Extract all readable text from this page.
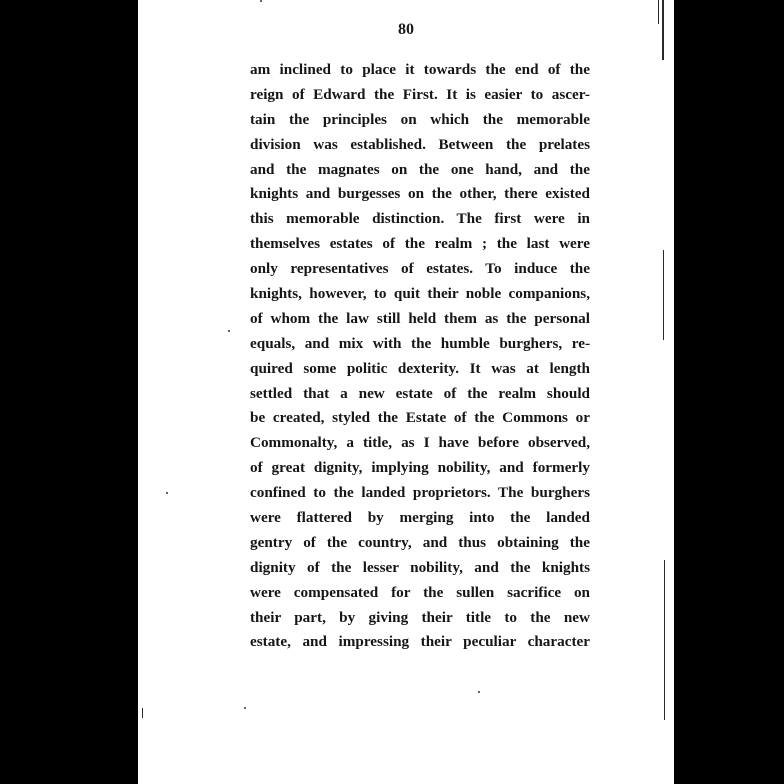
80
am inclined to place it towards the end of the
reign of Edward the First. It is easier to ascer-
tain the principles on which the memorable
division was established. Between the prelates
and the magnates on the one hand, and the
knights and burgesses on the other, there existed
this memorable distinction. The first were in
themselves estates of the realm ; the last were
only representatives of estates. To induce the
knights, however, to quit their noble companions,
of whom the law still held them as the personal
equals, and mix with the humble burghers, re-
quired some politic dexterity. It was at length
settled that a new estate of the realm should
be created, styled the Estate of the Commons or
Commonalty, a title, as I have before observed,
of great dignity, implying nobility, and formerly
confined to the landed proprietors. The burghers
were flattered by merging into the landed
gentry of the country, and thus obtaining the
dignity of the lesser nobility, and the knights
were compensated for the sullen sacrifice on
their part, by giving their title to the new
estate, and impressing their peculiar character
